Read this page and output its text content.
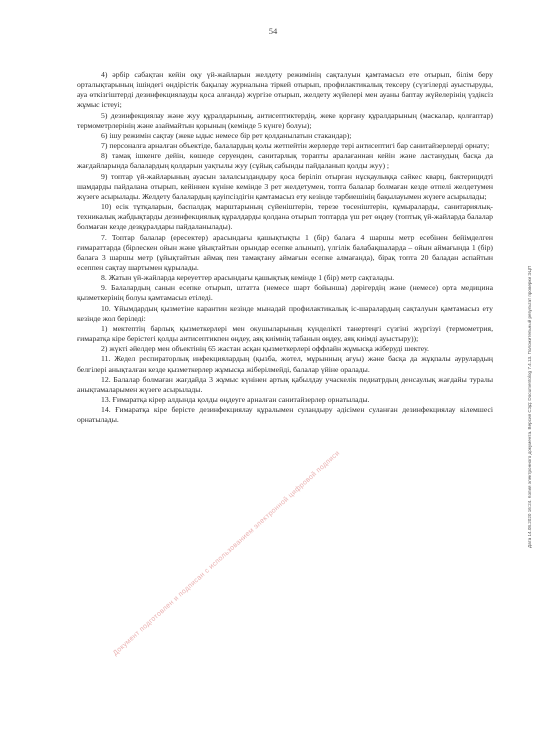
54

4) әрбір сабақтан кейін оқу үй-жайларын желдету режимінің сақталуын қамтамасыз ете отырып, білім беру орталықтарының ішіндегі өндірістік бақылау журналына тіркей отырып, профилактикалық тексеру (сүзгілерді ауыстыруды, ауа өткізгіштерді дезинфекциялауды қоса алғанда) жүргізе отырып, желдету жүйелері мен ауаны баптау жүйелерінің үздіксіз жұмыс істеуі;

5) дезинфекциялау және жуу құралдарының, антисептиктердің, жеке қорғану құралдарының (маскалар, қолғаптар) термометрлерінің және азаймайтын қорының (кемінде 5 күнге) болуы);

6) ішу режимін сақтау (жеке ыдыс немесе бір рет қолданылатын стакандар);

7) персоналға арналған объектіде, балалардың қолы жетпейтін жерлерде тері антисептигі бар санитайзерлерді орнату;

8) тамақ ішкенге дейін, көшеде серуенден, санитарлық торапты аралағаннан кейін және ластанудың басқа да жағдайларында балалардың қолдарын уақтылы жуу (сұйық сабынды пайдаланып қолды жуу) ;

9) топтар үй-жайларының ауасын залалсыздандыру қоса беріліп отырған нұсқаулыққа сәйкес кварц, бактерицидті шамдарды пайдалана отырып, кейіннен күніне кемінде 3 рет желдетумен, топта балалар болмаған кезде өтпелі желдетумен жүзеге асырылады. Желдету балалардың қауіпсіздігін қамтамасыз ету кезінде тәрбиешінің бақылауымен жүзеге асырылады;

10) есік тұтқаларын, баспалдақ марштарының сүйеніштерін, терезе төсеніштерін, құмыраларды, санитариялық-техникалық жабдықтарды дезинфекциялық құралдарды қолдана отырып топтарда үш рет өңдеу (топтық үй-жайларда балалар болмаған кезде дезқұралдары пайдаланылады).

7. Топтар балалар (ересектер) арасындағы қашықтықты 1 (бір) балаға 4 шаршы метр есебінен бейімделген ғимараттарда (бірлескен ойын және ұйықтайтын орындар есепке алынып), үлгілік балабақшаларда – ойын аймағында 1 (бір) балаға 3 шаршы метр (ұйықтайтын аймақ пен тамақтану аймағын есепке алмағанда), бірақ топта 20 баладан аспайтын есеппен сақтау шартымен құрылады.

8. Жатын үй-жайларда кереуеттер арасындағы қашықтық кемінде 1 (бір) метр сақталады.

9. Балалардың санын есепке отырып, штатта (немесе шарт бойынша) дәрігердің және (немесе) орта медицина қызметкерінің болуы қамтамасыз етіледі.

10. Ұйымдардың қызметіне карантин кезінде мынадай профилактикалық іс-шаралардың сақталуын қамтамасыз ету кезінде жол беріледі:

1) мектептің барлық қызметкерлері мен окушыларының күнделікті танертеңгі сүзгіні жүргізуі (термометрия, ғимаратқа кіре берістегі қолды антисептикпен өңдеу, аяқ киімнің табанын өңдеу, аяқ киімді ауыстыру));

2) жүкті әйелдер мен объектінің 65 жастан асқан қызметкерлері оффлайн жұмысқа жіберуді шектеу.

11. Жедел респираторлық инфекциялардың (қызба, жөтел, мұрынның ағуы) және басқа да жұқпалы аурулардың белгілері анықталған кезде қызметкерлер жұмысқа жіберілмейді, балалар үйіне оралады.

12. Балалар болмаған жағдайда 3 жұмыс күнінен артық қабылдау учаскелік педиатрдың денсаулық жағдайы туралы анықтамаларымен жүзеге асырылады.

13. Ғимаратқа кірер алдында қолды өңдеуге арналған санитайзерлер орнатылады.

14. Ғимаратқа кіре берісте дезинфекциялау құралымен суландыру әдісімен суланған дезинфекциялау кілемшесі орнатылады.	Дата 14.08.2020 16:24. Копия электронного документа. Версия СЭД: Documentolog 7.4.13. Положительный результат проверки ЭЦП
Документ подготовлен и подписан с использованием электронной цифровой подписи
